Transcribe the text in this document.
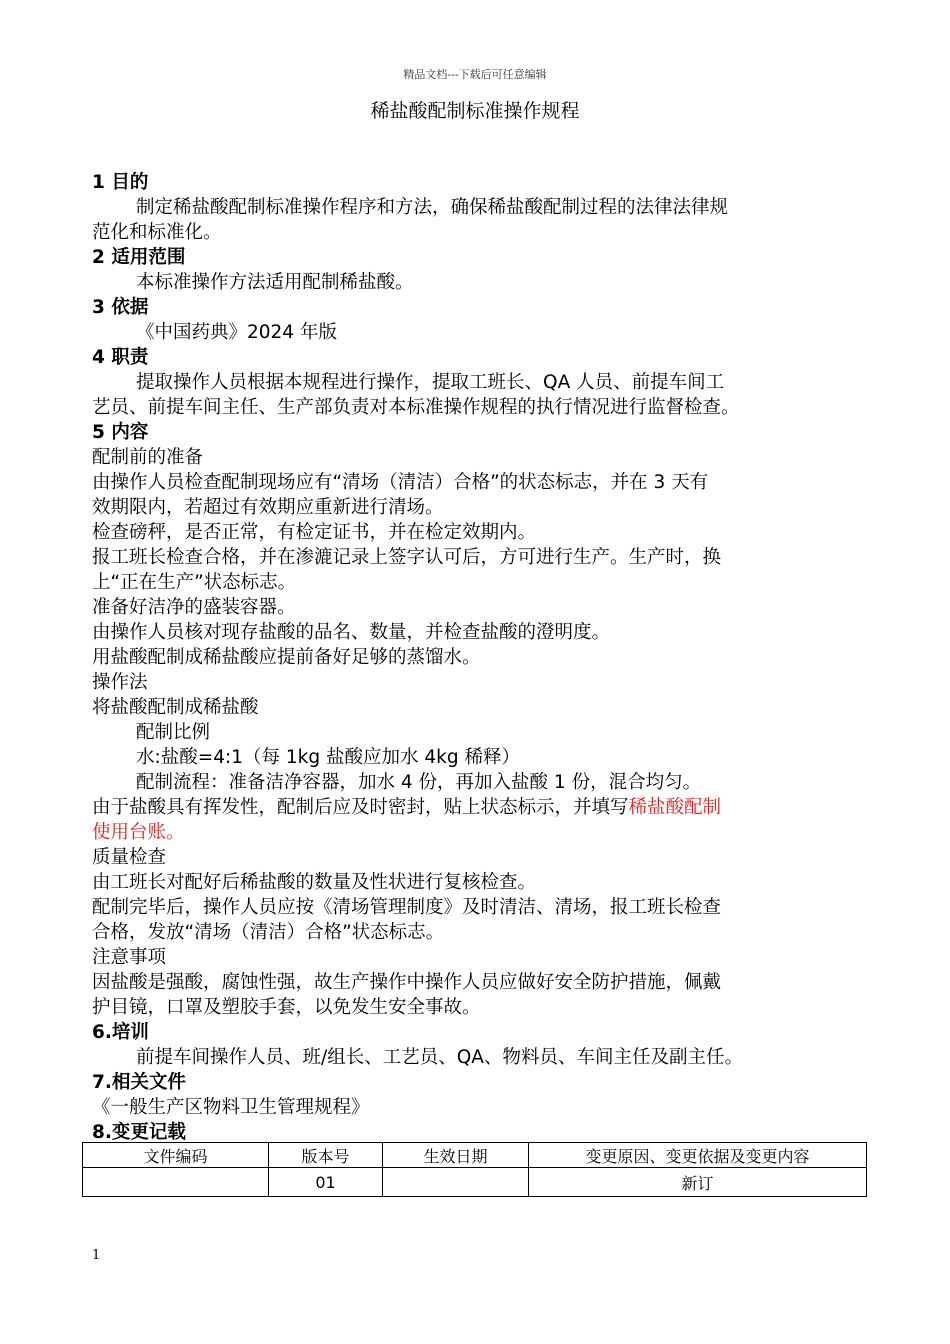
精品文档---下载后可任意编辑
稀盐酸配制标准操作规程
1 目的
制定稀盐酸配制标准操作程序和方法，确保稀盐酸配制过程的法律法律规
范化和标准化。
2 适用范围
本标准操作方法适用配制稀盐酸。
3 依据
《中国药典》2024 年版
4 职责
提取操作人员根据本规程进行操作，提取工班长、QA 人员、前提车间工
艺员、前提车间主任、生产部负责对本标准操作规程的执行情况进行监督检查。
5 内容
配制前的准备
由操作人员检查配制现场应有“清场（清洁）合格”的状态标志，并在 3 天有
效期限内，若超过有效期应重新进行清场。
检查磅秤，是否正常，有检定证书，并在检定效期内。
报工班长检查合格，并在渗漉记录上签字认可后，方可进行生产。生产时，换
上“正在生产”状态标志。
准备好洁净的盛装容器。
由操作人员核对现存盐酸的品名、数量，并检查盐酸的澄明度。
用盐酸配制成稀盐酸应提前备好足够的蒸馏水。
操作法
将盐酸配制成稀盐酸
配制比例
水:盐酸=4:1（每 1kg 盐酸应加水 4kg 稀释）
配制流程：准备洁净容器，加水 4 份，再加入盐酸 1 份，混合均匀。
由于盐酸具有挥发性，配制后应及时密封，贴上状态标示，并填写稀盐酸配制
使用台账。
质量检查
由工班长对配好后稀盐酸的数量及性状进行复核检查。
配制完毕后，操作人员应按《清场管理制度》及时清洁、清场，报工班长检查
合格，发放“清场（清洁）合格”状态标志。
注意事项
因盐酸是强酸，腐蚀性强，故生产操作中操作人员应做好安全防护措施，佩戴
护目镜，口罩及塑胶手套，以免发生安全事故。
6.培训
前提车间操作人员、班/组长、工艺员、QA、物料员、车间主任及副主任。
7.相关文件
《一般生产区物料卫生管理规程》
8.变更记载
文件编码	版本号	生效日期	变更原因、变更依据及变更内容
	01		新订
1
